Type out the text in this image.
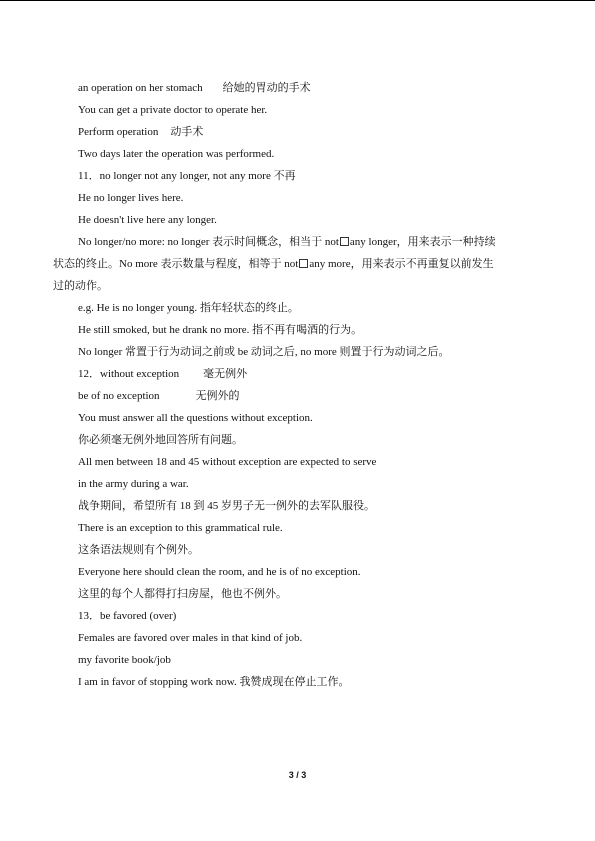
an operation on her stomach 给她的胃动的手术
You can get a private doctor to operate her.
Perform operation 动手术
Two days later the operation was performed.
11．no longer not any longer, not any more 不再
He no longer lives here.
He doesn't live here any longer.
No longer/no more: no longer 表示时间概念，相当于 not any longer，用来表示一种持续
状态的终止。No more 表示数量与程度，相等于 not any more，用来表示不再重复以前发生
过的动作。
e.g. He is no longer young. 指年轻状态的终止。
He still smoked, but he drank no more. 指不再有喝酒的行为。
No longer 常置于行为动词之前或 be 动词之后, no more 则置于行为动词之后。
12．without exception 毫无例外
be of no exception	无例外的
You must answer all the questions without exception.
你必须毫无例外地回答所有问题。
All men between 18 and 45 without exception are expected to serve
in the army during a war.
战争期间，希望所有 18 到 45 岁男子无一例外的去军队服役。
There is an exception to this grammatical rule.
这条语法规则有个例外。
Everyone here should clean the room, and he is of no exception.
这里的每个人都得打扫房屋，他也不例外。
13．be favored (over)
Females are favored over males in that kind of job.
my favorite book/job
I am in favor of stopping work now. 我赞成现在停止工作。
3 / 3
